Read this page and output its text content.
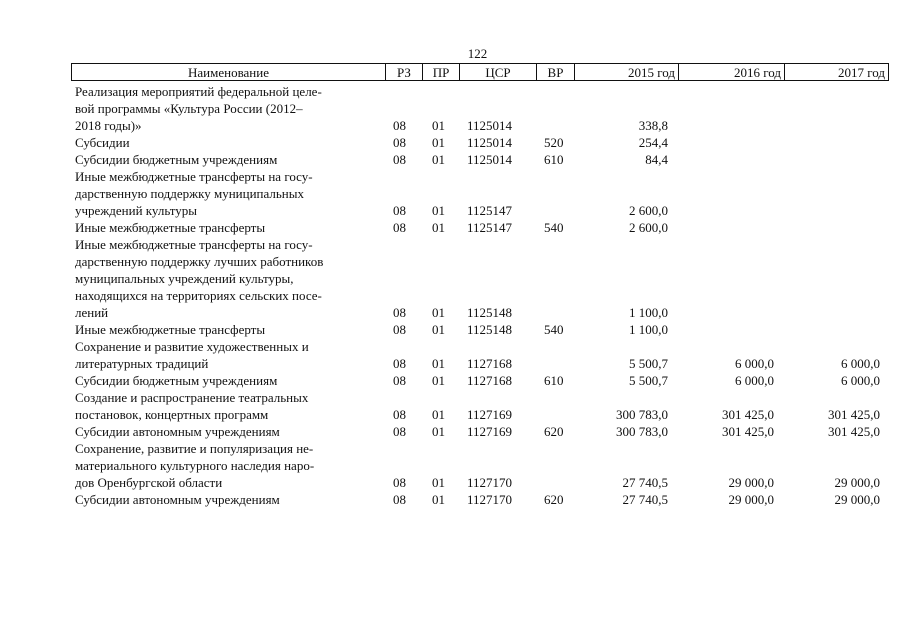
122
Наименование	РЗ	ПР	ЦСР	ВР	2015 год	2016 год	2017 год
Реализация мероприятий федеральной целе-
вой программы «Культура России (2012–
2018 годы)»	08 01 1125014	338,8
Субсидии	08 01 1125014 520	254,4
Субсидии бюджетным учреждениям	08 01 1125014 610	84,4
Иные межбюджетные трансферты на госу-
дарственную поддержку муниципальных
учреждений культуры	08 01 1125147	2 600,0
Иные межбюджетные трансферты	08 01 1125147 540	2 600,0
Иные межбюджетные трансферты на госу-
дарственную поддержку лучших работников
муниципальных учреждений культуры,
находящихся на территориях сельских посе-
лений	08 01 1125148	1 100,0
Иные межбюджетные трансферты	08 01 1125148 540	1 100,0
Сохранение и развитие художественных и
литературных традиций	08 01 1127168	5 500,7	6 000,0	6 000,0
Субсидии бюджетным учреждениям	08 01 1127168 610	5 500,7	6 000,0	6 000,0
Создание и распространение театральных
постановок, концертных программ	08 01 1127169	300 783,0	301 425,0	301 425,0
Субсидии автономным учреждениям	08 01 1127169 620	300 783,0	301 425,0	301 425,0
Сохранение, развитие и популяризация не-
материального культурного наследия наро-
дов Оренбургской области	08 01 1127170	27 740,5	29 000,0	29 000,0
Субсидии автономным учреждениям	08 01 1127170 620	27 740,5	29 000,0	29 000,0
